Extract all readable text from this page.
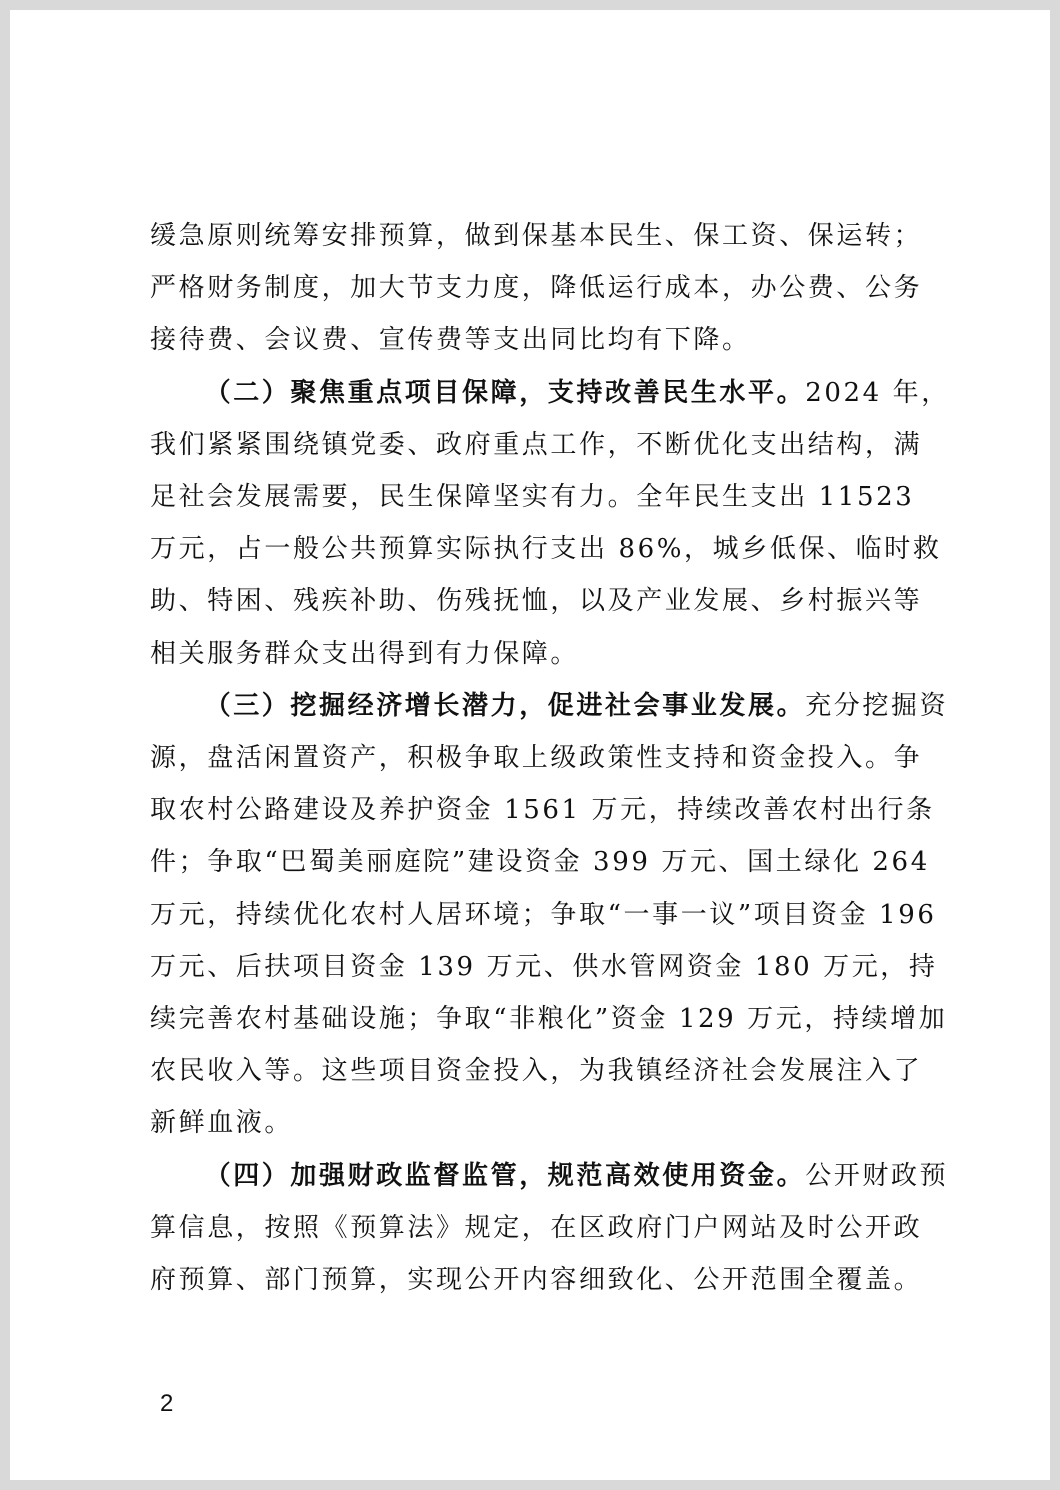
缓急原则统筹安排预算，做到保基本民生、保工资、保运转；严格财务制度，加大节支力度，降低运行成本，办公费、公务接待费、会议费、宣传费等支出同比均有下降。

（二）聚焦重点项目保障，支持改善民生水平。2024 年，我们紧紧围绕镇党委、政府重点工作，不断优化支出结构，满足社会发展需要，民生保障坚实有力。全年民生支出 11523 万元，占一般公共预算实际执行支出 86%，城乡低保、临时救助、特困、残疾补助、伤残抚恤，以及产业发展、乡村振兴等相关服务群众支出得到有力保障。

（三）挖掘经济增长潜力，促进社会事业发展。充分挖掘资源，盘活闲置资产，积极争取上级政策性支持和资金投入。争取农村公路建设及养护资金 1561 万元，持续改善农村出行条件；争取“巴蜀美丽庭院”建设资金 399 万元、国土绿化 264 万元，持续优化农村人居环境；争取“一事一议”项目资金 196 万元、后扶项目资金 139 万元、供水管网资金 180 万元，持续完善农村基础设施；争取“非粮化”资金 129 万元，持续增加农民收入等。这些项目资金投入，为我镇经济社会发展注入了新鲜血液。

（四）加强财政监督监管，规范高效使用资金。公开财政预算信息，按照《预算法》规定，在区政府门户网站及时公开政府预算、部门预算，实现公开内容细致化、公开范围全覆盖。

2
